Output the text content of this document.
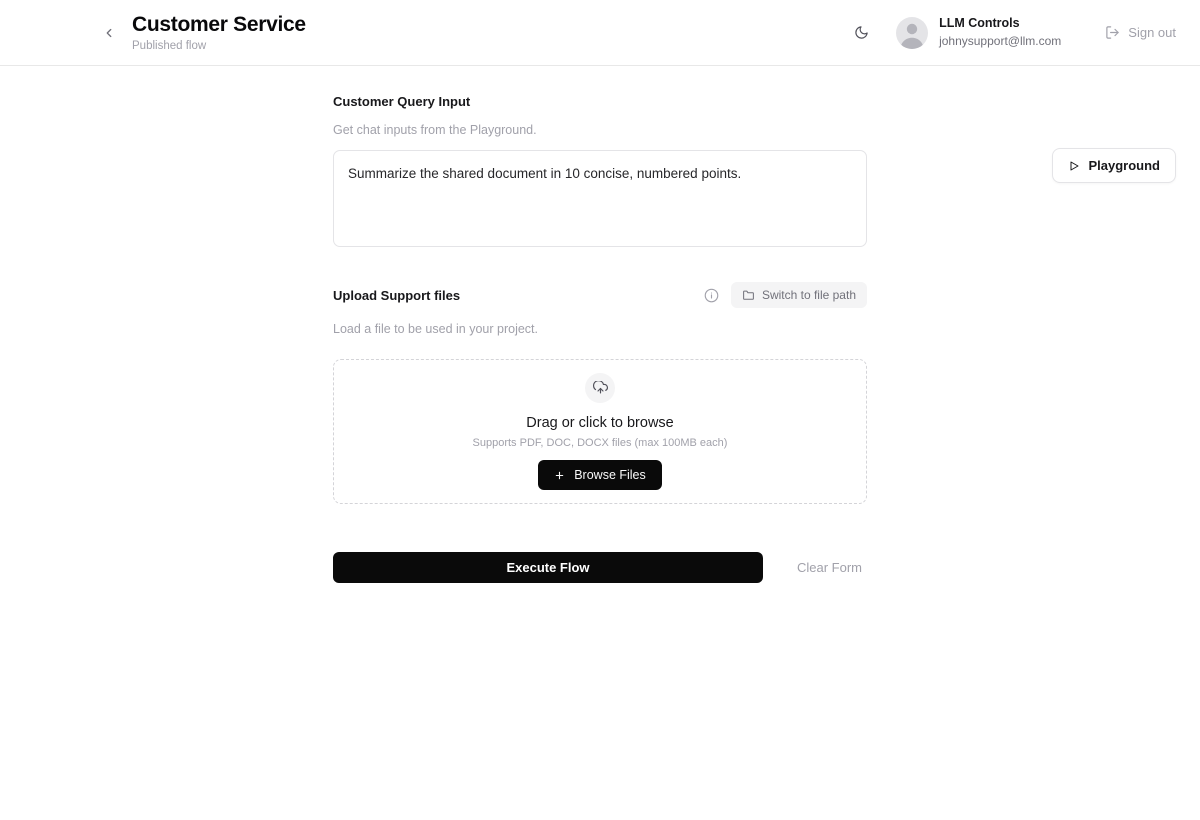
Customer Service
Published flow
LLM Controls
johnysupport@llm.com
Sign out
Playground
Customer Query Input
Get chat inputs from the Playground.
Summarize the shared document in 10 concise, numbered points.
Upload Support files	Switch to file path
Load a file to be used in your project.
Drag or click to browse
Supports PDF, DOC, DOCX files (max 100MB each)
Browse Files
Execute Flow	Clear Form
